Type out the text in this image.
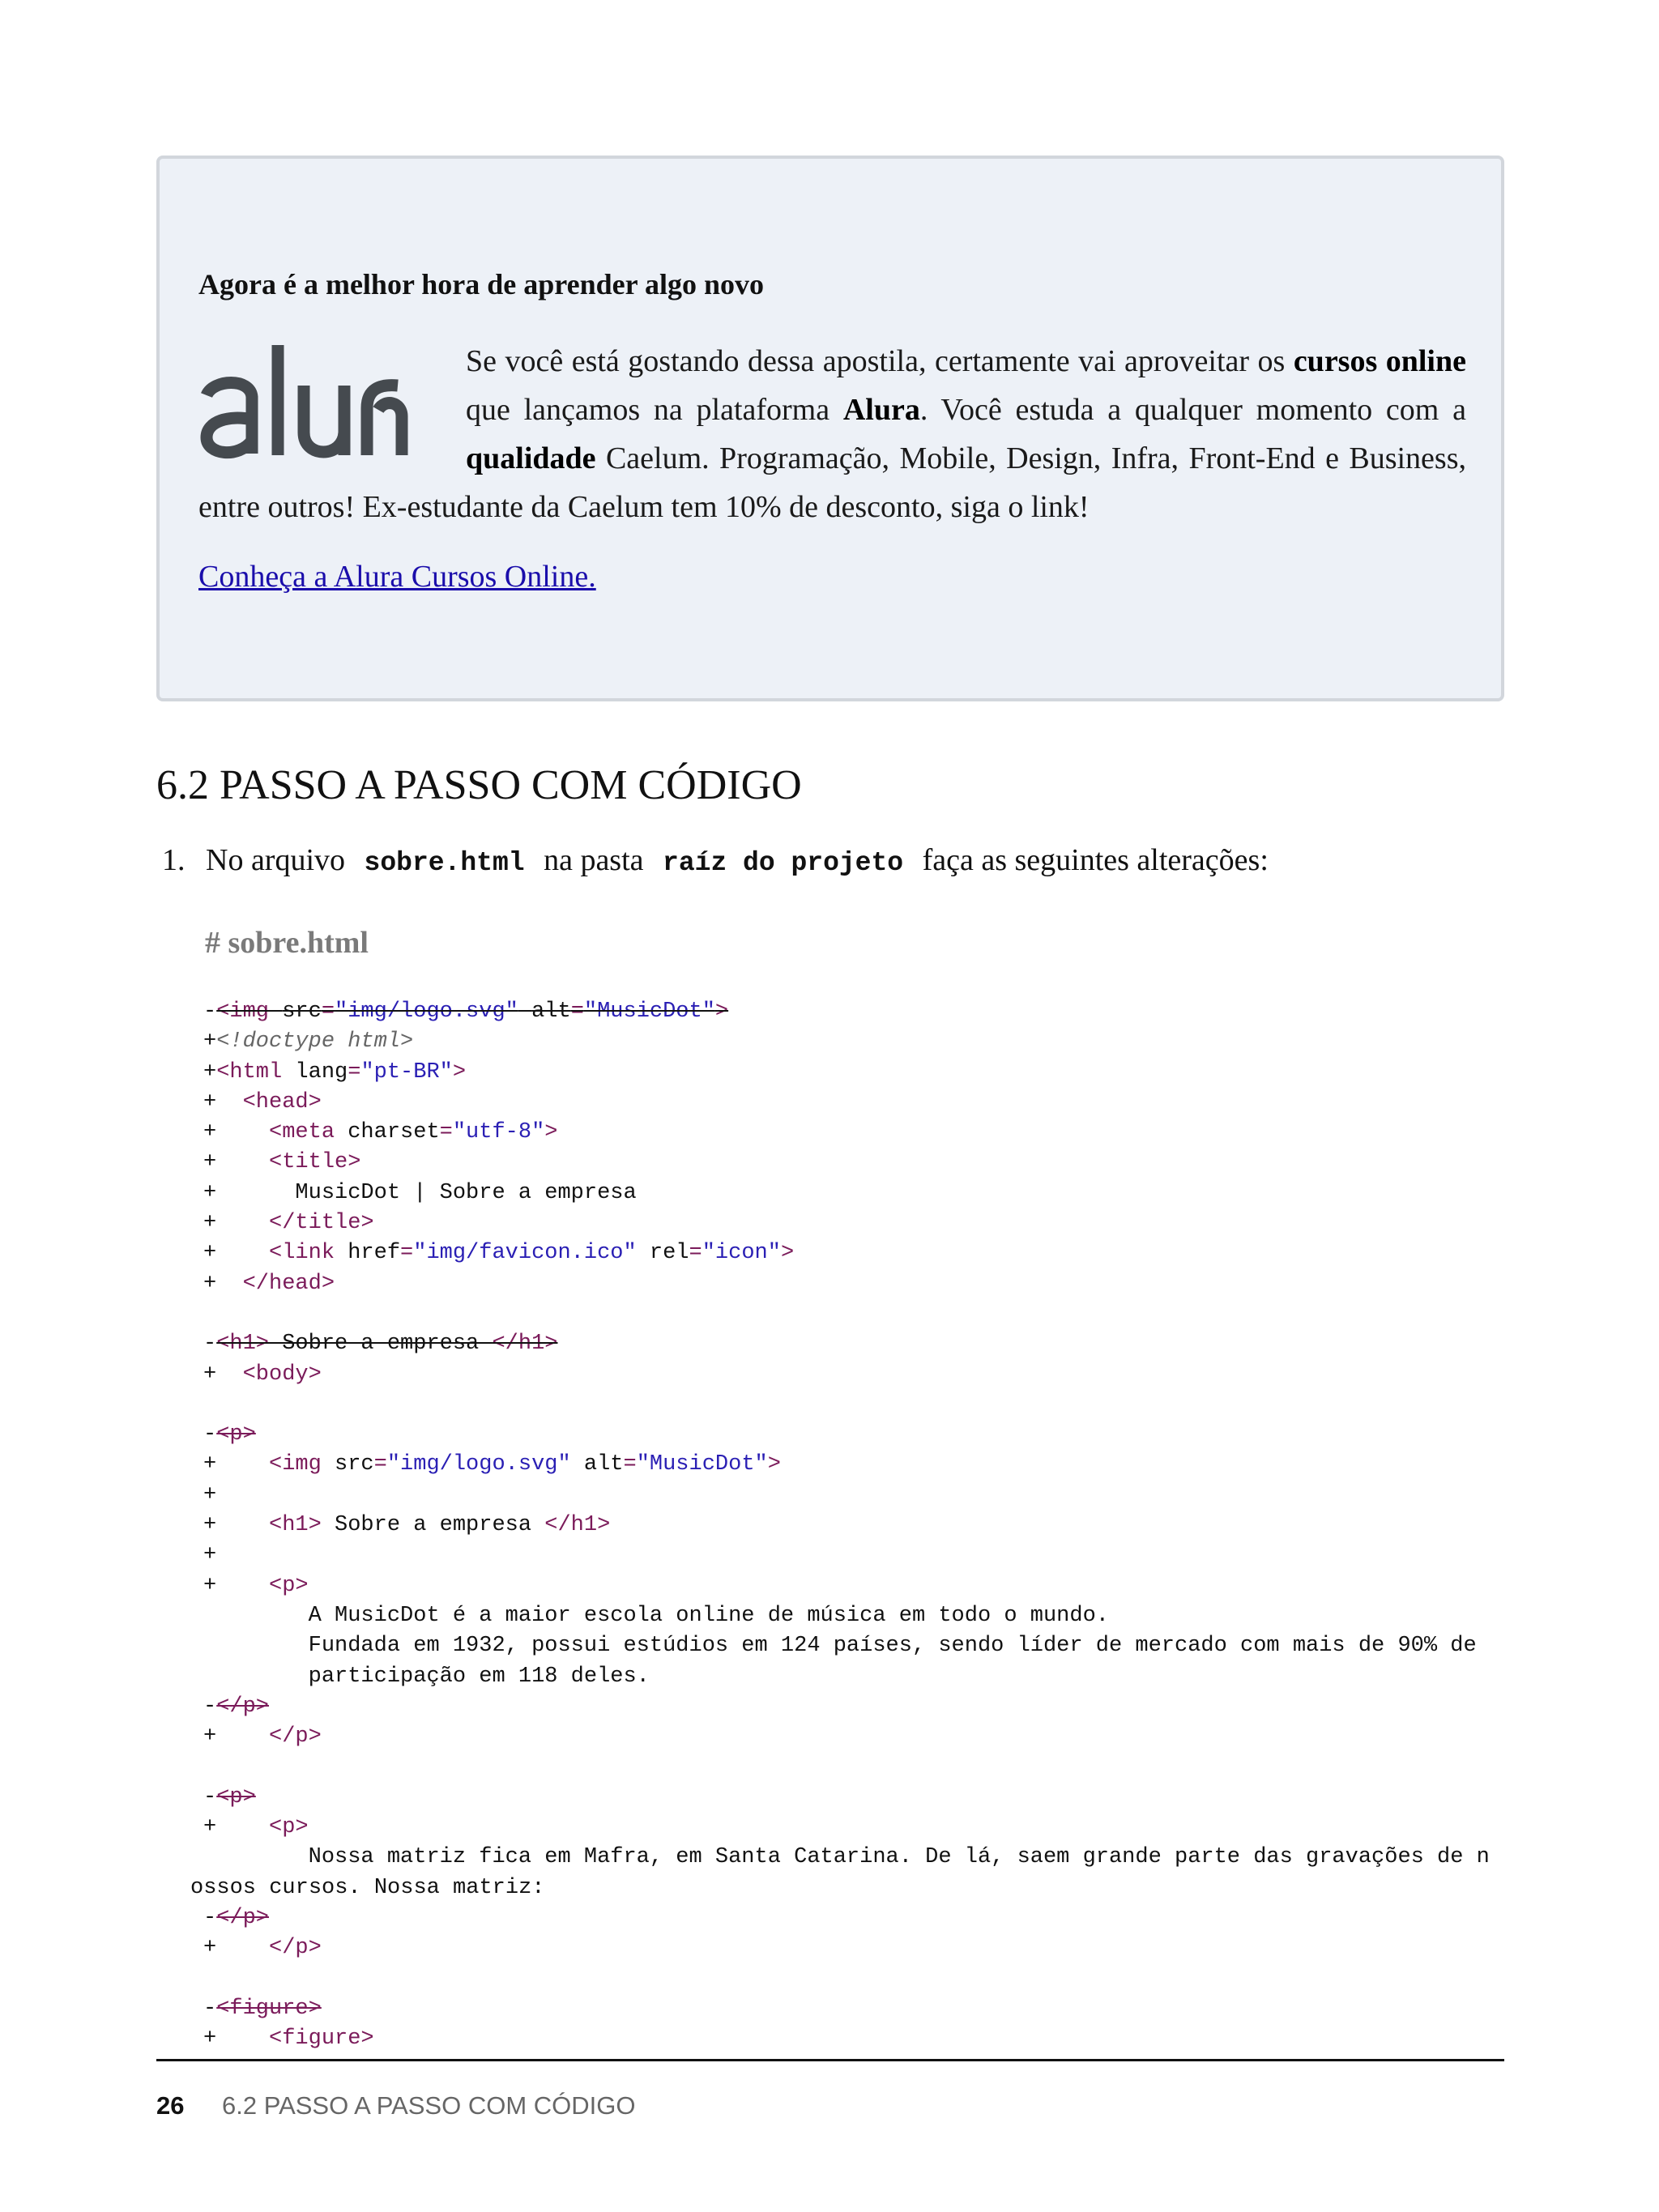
Agora é a melhor hora de aprender algo novo

Se você está gostando dessa apostila, certamente vai aproveitar os cursos online que lançamos na plataforma Alura. Você estuda a qualquer momento com a qualidade Caelum. Programação, Mobile, Design, Infra, Front-End e Business, entre outros! Ex-estudante da Caelum tem 10% de desconto, siga o link!

Conheça a Alura Cursos Online.
6.2 PASSO A PASSO COM CÓDIGO
1. No arquivo sobre.html na pasta raíz do projeto faça as seguintes alterações:
# sobre.html
-<img src="img/logo.svg" alt="MusicDot">
+<!doctype html>
+<html lang="pt-BR">
+  <head>
+    <meta charset="utf-8">
+    <title>
+      MusicDot | Sobre a empresa
+    </title>
+    <link href="img/favicon.ico" rel="icon">
+  </head>

-<h1> Sobre a empresa </h1>
+  <body>

-<p>
+    <img src="img/logo.svg" alt="MusicDot">
+
+    <h1> Sobre a empresa </h1>
+
+    <p>
A MusicDot é a maior escola online de música em todo o mundo.
Fundada em 1932, possui estúdios em 124 países, sendo líder de mercado com mais de 90% de
participação em 118 deles.
-</p>
+    </p>

-<p>
+    <p>
Nossa matriz fica em Mafra, em Santa Catarina. De lá, saem grande parte das gravações de n
ossos cursos. Nossa matriz:
-</p>
+    </p>

-<figure>
+    <figure>
26 6.2 PASSO A PASSO COM CÓDIGO
